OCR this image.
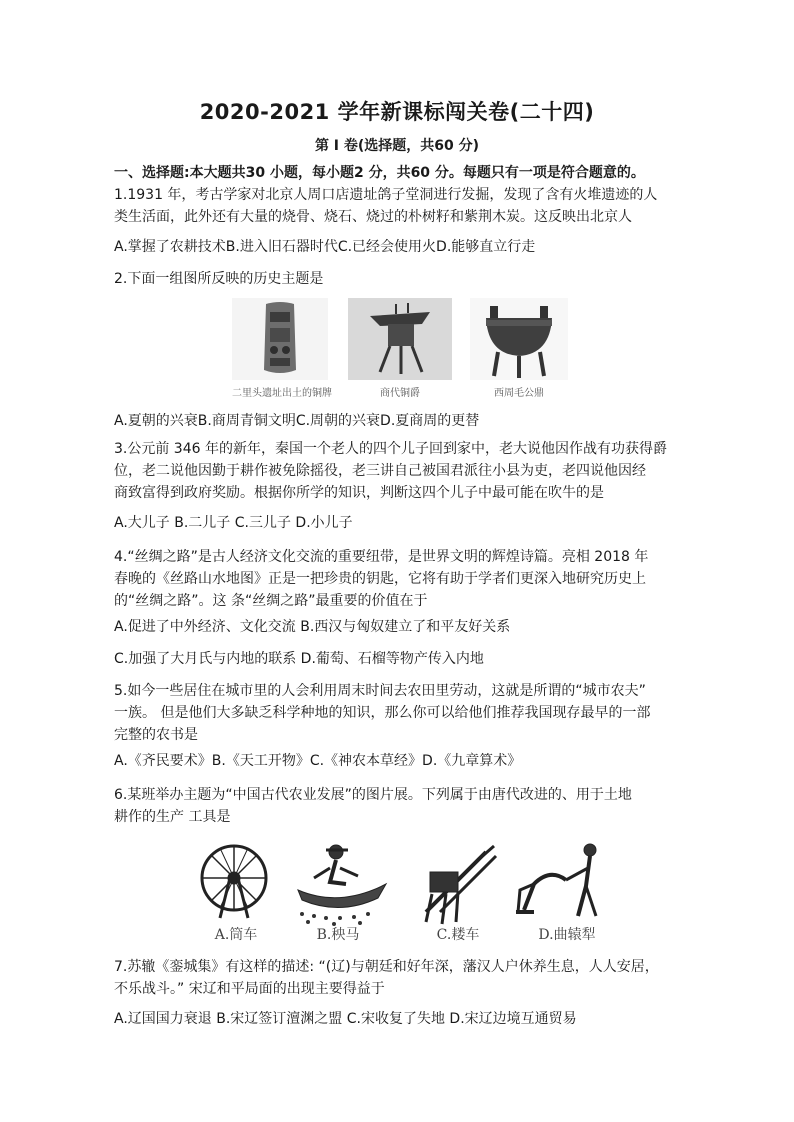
2020-2021 学年新课标闯关卷(二十四)
第 I 卷(选择题，共60 分)
一、选择题:本大题共30 小题，每小题2 分，共60 分。每题只有一项是符合题意的。
1.1931 年，考古学家对北京人周口店遗址鸽子堂洞进行发掘，发现了含有火堆遗迹的人
类生活面，此外还有大量的烧骨、烧石、烧过的朴树籽和紫荆木炭。这反映出北京人
A.掌握了农耕技术B.进入旧石器时代C.已经会使用火D.能够直立行走
2.下面一组图所反映的历史主题是
二里头遗址出土的铜牌	商代铜爵	西周毛公鼎
A.夏朝的兴衰B.商周青铜文明C.周朝的兴衰D.夏商周的更替
3.公元前 346 年的新年，秦国一个老人的四个儿子回到家中，老大说他因作战有功获得爵
位，老二说他因勤于耕作被免除摇役，老三讲自己被国君派往小县为吏，老四说他因经
商致富得到政府奖励。根据你所学的知识，判断这四个儿子中最可能在吹牛的是
A.大儿子 B.二儿子 C.三儿子 D.小儿子
4.“丝绸之路”是古人经济文化交流的重要纽带，是世界文明的辉煌诗篇。亮相 2018 年
春晚的《丝路山水地图》正是一把珍贵的钥匙，它将有助于学者们更深入地研究历史上
的“丝绸之路”。这 条“丝绸之路”最重要的价值在于
A.促进了中外经济、文化交流 B.西汉与匈奴建立了和平友好关系
C.加强了大月氏与内地的联系 D.葡萄、石榴等物产传入内地
5.如今一些居住在城市里的人会利用周末时间去农田里劳动，这就是所谓的“城市农夫”
一族。 但是他们大多缺乏科学种地的知识，那么你可以给他们推荐我国现存最早的一部
完整的农书是
A.《齐民要术》B.《天工开物》C.《神农本草经》D.《九章算术》
6.某班举办主题为“中国古代农业发展”的图片展。下列属于由唐代改进的、用于土地
耕作的生产 工具是
A.筒车	B.秧马	C.耧车	D.曲辕犁
7.苏辙《銮城集》有这样的描述: “(辽)与朝廷和好年深，藩汉人户休养生息，人人安居，
不乐战斗。” 宋辽和平局面的出现主要得益于
A.辽国国力衰退 B.宋辽签订澶渊之盟 C.宋收复了失地 D.宋辽边境互通贸易
